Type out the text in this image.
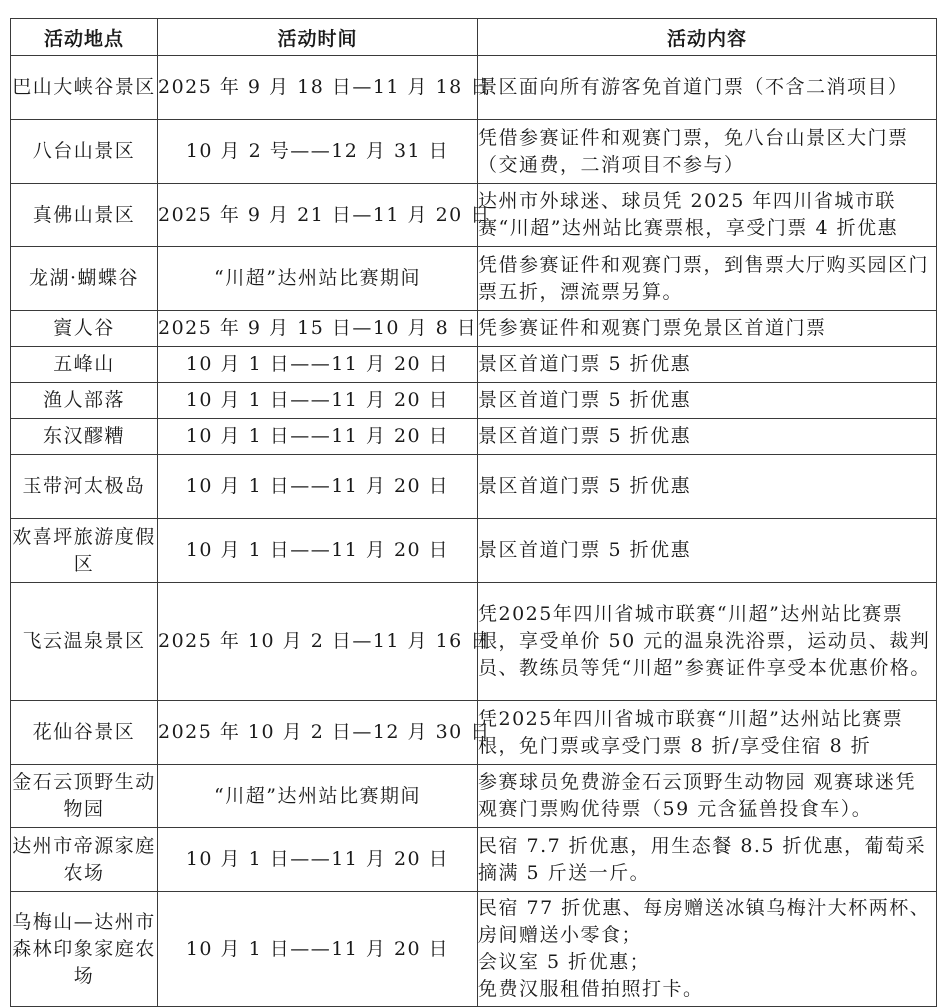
活动地点	活动时间	活动内容
巴山大峡谷景区	2025 年 9 月 18 日—11 月 18 日	景区面向所有游客免首道门票（不含二消项目）

八台山景区	10 月 2 号——12 月 31 日	凭借参赛证件和观赛门票，免八台山景区大门票（交通费，二消项目不参与）

真佛山景区	2025 年 9 月 21 日—11 月 20 日	达州市外球迷、球员凭 2025 年四川省城市联赛“川超”达州站比赛票根，享受门票 4 折优惠

龙湖·蝴蝶谷	“川超”达州站比赛期间	凭借参赛证件和观赛门票，到售票大厅购买园区门票五折，漂流票另算。

賨人谷	2025 年 9 月 15 日—10 月 8 日	凭参赛证件和观赛门票免景区首道门票

五峰山	10 月 1 日——11 月 20 日	景区首道门票 5 折优惠

渔人部落	10 月 1 日——11 月 20 日	景区首道门票 5 折优惠

东汉醪糟	10 月 1 日——11 月 20 日	景区首道门票 5 折优惠

玉带河太极岛	10 月 1 日——11 月 20 日	景区首道门票 5 折优惠

欢喜坪旅游度假区	10 月 1 日——11 月 20 日	景区首道门票 5 折优惠

飞云温泉景区	2025 年 10 月 2 日—11 月 16 日	凭2025年四川省城市联赛“川超”达州站比赛票根，享受单价 50 元的温泉洗浴票，运动员、裁判员、教练员等凭“川超”参赛证件享受本优惠价格。

花仙谷景区	2025 年 10 月 2 日—12 月 30 日	凭2025年四川省城市联赛“川超”达州站比赛票根，免门票或享受门票 8 折/享受住宿 8 折

金石云顶野生动物园	“川超”达州站比赛期间	参赛球员免费游金石云顶野生动物园 观赛球迷凭观赛门票购优待票（59 元含猛兽投食车）。

达州市帝源家庭农场	10 月 1 日——11 月 20 日	民宿 7.7 折优惠，用生态餐 8.5 折优惠，葡萄采摘满 5 斤送一斤。

乌梅山—达州市森林印象家庭农场	10 月 1 日——11 月 20 日	民宿 77 折优惠、每房赠送冰镇乌梅汁大杯两杯、房间赠送小零食；
会议室 5 折优惠；
免费汉服租借拍照打卡。
